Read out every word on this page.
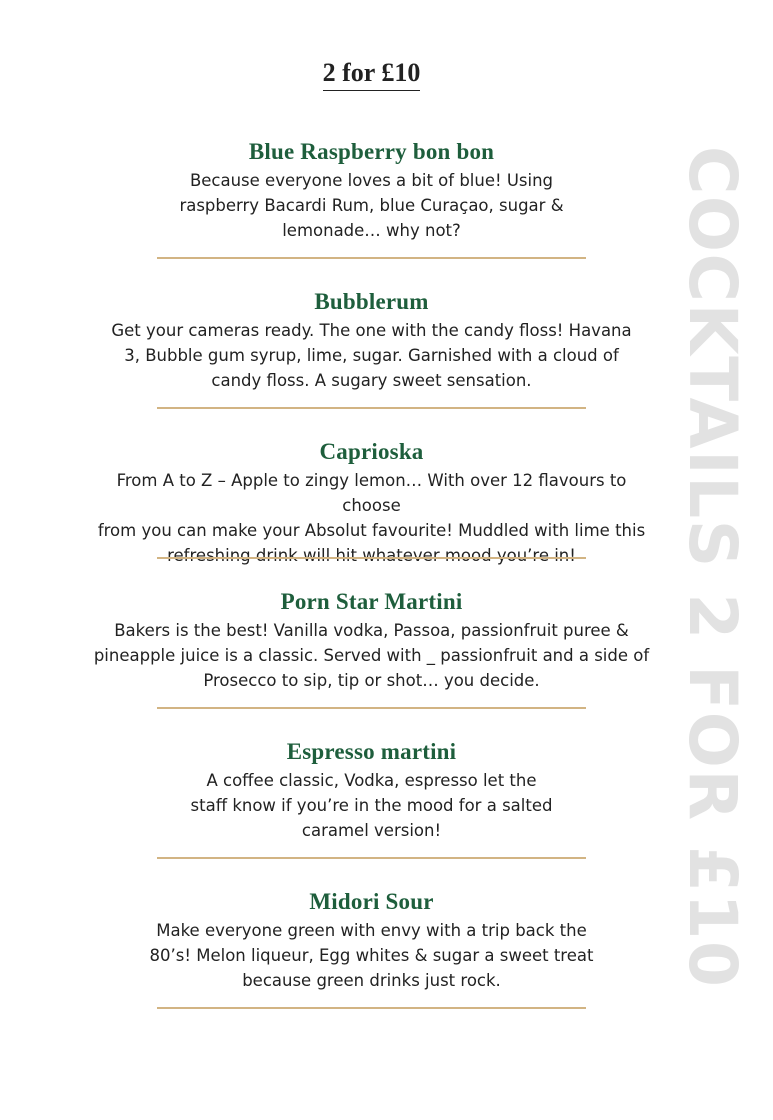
2 for £10
COCKTAILS 2 FOR £10

Blue Raspberry bon bon

Because everyone loves a bit of blue! Using
raspberry Bacardi Rum, blue Curaçao, sugar &
lemonade… why not?

Bubblerum

Get your cameras ready. The one with the candy floss! Havana
3, Bubble gum syrup, lime, sugar. Garnished with a cloud of
candy floss. A sugary sweet sensation.

Caprioska

From A to Z – Apple to zingy lemon… With over 12 flavours to choose
from you can make your Absolut favourite! Muddled with lime this
refreshing drink will hit whatever mood you’re in!

Porn Star Martini

Bakers is the best! Vanilla vodka, Passoa, passionfruit puree &
pineapple juice is a classic. Served with _ passionfruit and a side of
Prosecco to sip, tip or shot… you decide.

Espresso martini

A coffee classic, Vodka, espresso let the
staff know if you’re in the mood for a salted
caramel version!

Midori Sour

Make everyone green with envy with a trip back the
80’s! Melon liqueur, Egg whites & sugar a sweet treat
because green drinks just rock.
